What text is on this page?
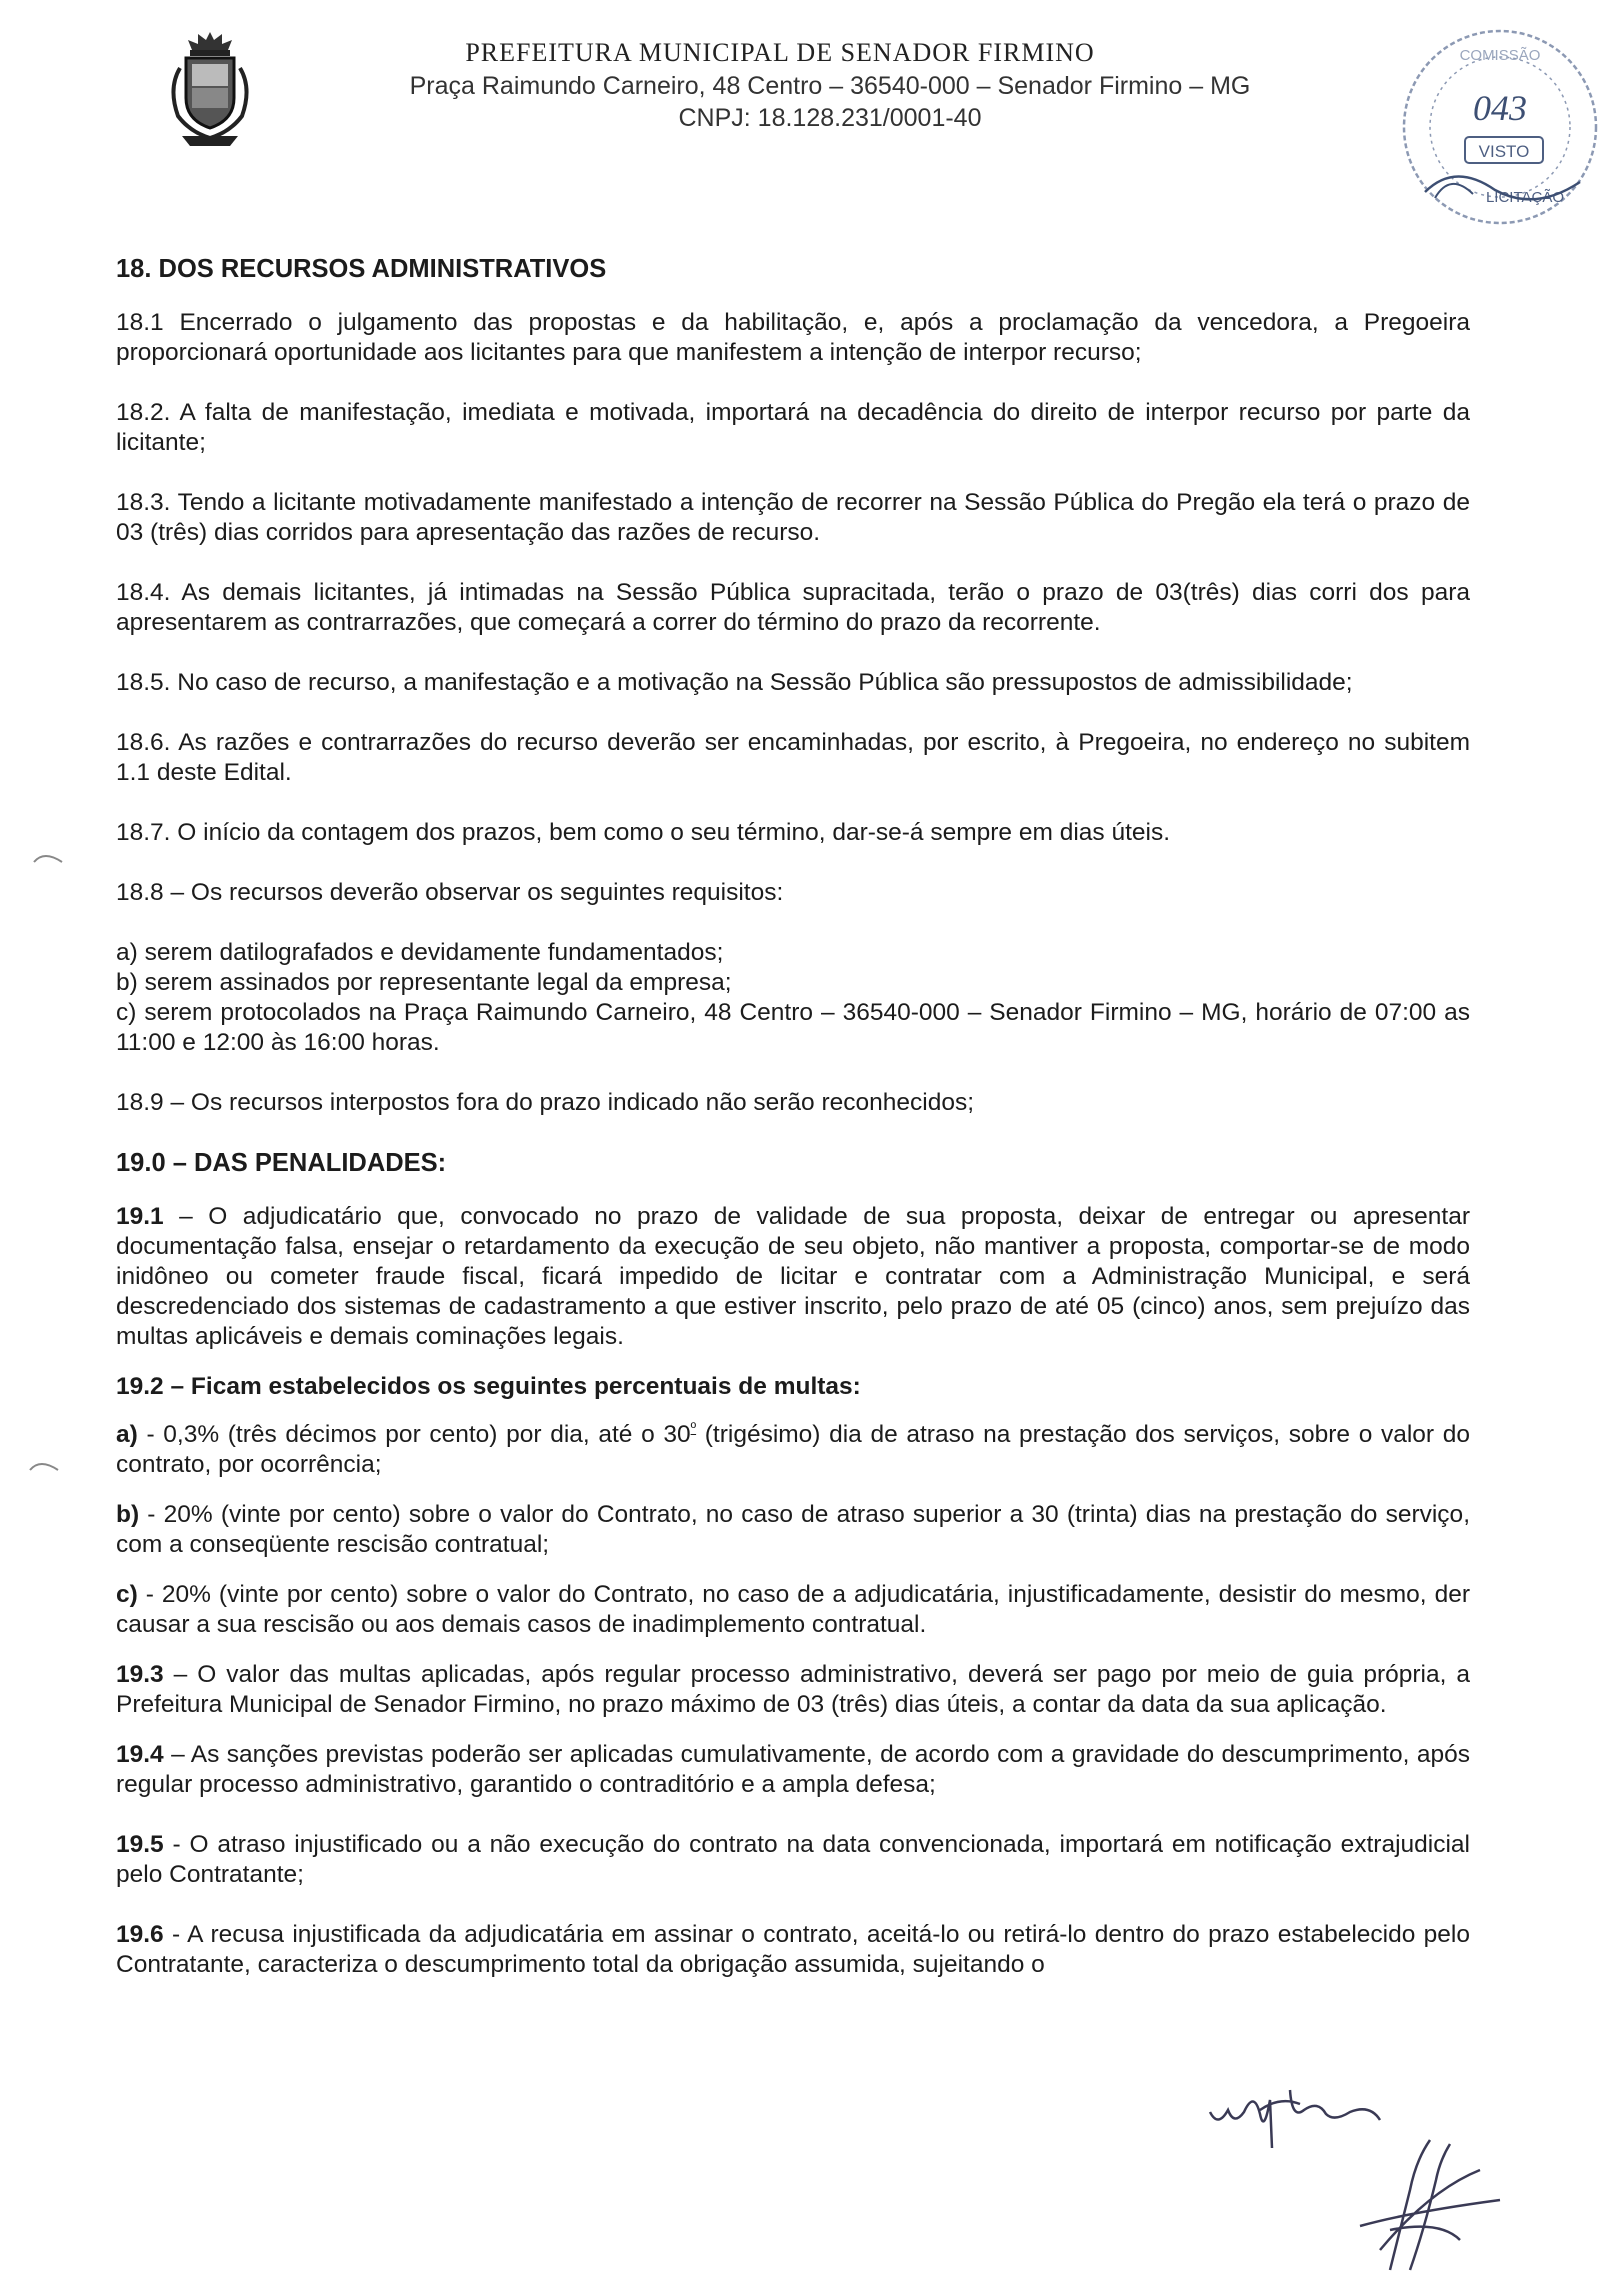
PREFEITURA MUNICIPAL DE SENADOR FIRMINO
Praça Raimundo Carneiro, 48 Centro – 36540-000 – Senador Firmino – MG
CNPJ: 18.128.231/0001-40
COMISSÃO
043
VISTO
LICITAÇÃO

18. DOS RECURSOS ADMINISTRATIVOS

18.1 Encerrado o julgamento das propostas e da habilitação, e, após a proclamação da vencedora, a Pregoeira proporcionará oportunidade aos licitantes para que manifestem a intenção de interpor recurso;

18.2. A falta de manifestação, imediata e motivada, importará na decadência do direito de interpor recurso por parte da licitante;

18.3. Tendo a licitante motivadamente manifestado a intenção de recorrer na Sessão Pública do Pregão ela terá o prazo de 03 (três) dias corridos para apresentação das razões de recurso.

18.4. As demais licitantes, já intimadas na Sessão Pública supracitada, terão o prazo de 03(três) dias corri dos para apresentarem as contrarrazões, que começará a correr do término do prazo da recorrente.

18.5. No caso de recurso, a manifestação e a motivação na Sessão Pública são pressupostos de admissibilidade;

18.6. As razões e contrarrazões do recurso deverão ser encaminhadas, por escrito, à Pregoeira, no endereço no subitem 1.1 deste Edital.

18.7. O início da contagem dos prazos, bem como o seu término, dar-se-á sempre em dias úteis.

18.8 – Os recursos deverão observar os seguintes requisitos:

a) serem datilografados e devidamente fundamentados;

b) serem assinados por representante legal da empresa;

c) serem protocolados na Praça Raimundo Carneiro, 48 Centro – 36540-000 – Senador Firmino – MG, horário de 07:00 as 11:00 e 12:00 às 16:00 horas.

18.9 – Os recursos interpostos fora do prazo indicado não serão reconhecidos;

19.0 – DAS PENALIDADES:

19.1 – O adjudicatário que, convocado no prazo de validade de sua proposta, deixar de entregar ou apresentar documentação falsa, ensejar o retardamento da execução de seu objeto, não mantiver a proposta, comportar-se de modo inidôneo ou cometer fraude fiscal, ficará impedido de licitar e contratar com a Administração Municipal, e será descredenciado dos sistemas de cadastramento a que estiver inscrito, pelo prazo de até 05 (cinco) anos, sem prejuízo das multas aplicáveis e demais cominações legais.

19.2 – Ficam estabelecidos os seguintes percentuais de multas:

a) - 0,3% (três décimos por cento) por dia, até o $30^º$ (trigésimo) dia de atraso na prestação dos serviços, sobre o valor do contrato, por ocorrência;

b) - 20% (vinte por cento) sobre o valor do Contrato, no caso de atraso superior a 30 (trinta) dias na prestação do serviço, com a conseqüente rescisão contratual;

c) - 20% (vinte por cento) sobre o valor do Contrato, no caso de a adjudicatária, injustificadamente, desistir do mesmo, der causar a sua rescisão ou aos demais casos de inadimplemento contratual.

19.3 – O valor das multas aplicadas, após regular processo administrativo, deverá ser pago por meio de guia própria, a Prefeitura Municipal de Senador Firmino, no prazo máximo de 03 (três) dias úteis, a contar da data da sua aplicação.

19.4 – As sanções previstas poderão ser aplicadas cumulativamente, de acordo com a gravidade do descumprimento, após regular processo administrativo, garantido o contraditório e a ampla defesa;

19.5 - O atraso injustificado ou a não execução do contrato na data convencionada, importará em notificação extrajudicial pelo Contratante;

19.6 - A recusa injustificada da adjudicatária em assinar o contrato, aceitá-lo ou retirá-lo dentro do prazo estabelecido pelo Contratante, caracteriza o descumprimento total da obrigação assumida, sujeitando o
